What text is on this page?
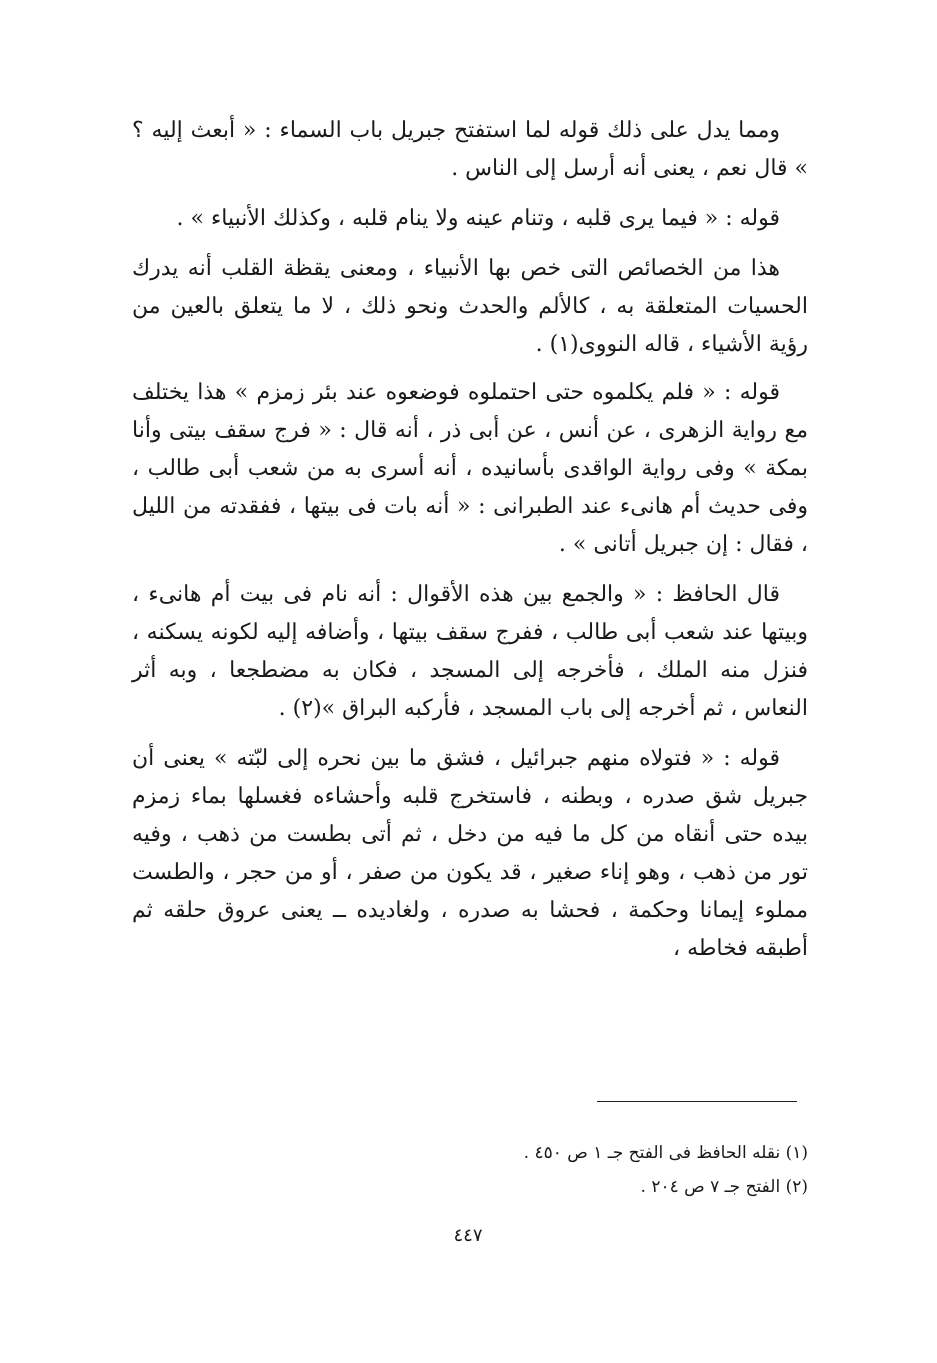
ومما يدل على ذلك قوله لما استفتح جبريل باب السماء : « أبعث إليه ؟ » قال نعم ، يعنى أنه أرسل إلى الناس .

قوله : « فيما يرى قلبه ، وتنام عينه ولا ينام قلبه ، وكذلك الأنبياء » .

هذا من الخصائص التى خص بها الأنبياء ، ومعنى يقظة القلب أنه يدرك الحسيات المتعلقة به ، كالألم والحدث ونحو ذلك ، لا ما يتعلق بالعين من رؤية الأشياء ، قاله النووى(١) .

قوله : « فلم يكلموه حتى احتملوه فوضعوه عند بئر زمزم » هذا يختلف مع رواية الزهرى ، عن أنس ، عن أبى ذر ، أنه قال : « فرج سقف بيتى وأنا بمكة » وفى رواية الواقدى بأسانيده ، أنه أسرى به من شعب أبى طالب ، وفى حديث أم هانىء عند الطبرانى : « أنه بات فى بيتها ، ففقدته من الليل ، فقال : إن جبريل أتانى » .

قال الحافظ : « والجمع بين هذه الأقوال : أنه نام فى بيت أم هانىء ، وبيتها عند شعب أبى طالب ، ففرج سقف بيتها ، وأضافه إليه لكونه يسكنه ، فنزل منه الملك ، فأخرجه إلى المسجد ، فكان به مضطجعا ، وبه أثر النعاس ، ثم أخرجه إلى باب المسجد ، فأركبه البراق »(٢) .

قوله : « فتولاه منهم جبرائيل ، فشق ما بين نحره إلى لبّته » يعنى أن جبريل شق صدره ، وبطنه ، فاستخرج قلبه وأحشاءه فغسلها بماء زمزم بيده حتى أنقاه من كل ما فيه من دخل ، ثم أتى بطست من ذهب ، وفيه تور من ذهب ، وهو إناء صغير ، قد يكون من صفر ، أو من حجر ، والطست مملوء إيمانا وحكمة ، فحشا به صدره ، ولغاديده ــ يعنى عروق حلقه ثم أطبقه فخاطه ،

(١) نقله الحافظ فى الفتح جـ ١ ص ٤٥٠ .

(٢) الفتح جـ ٧ ص ٢٠٤ .

٤٤٧
